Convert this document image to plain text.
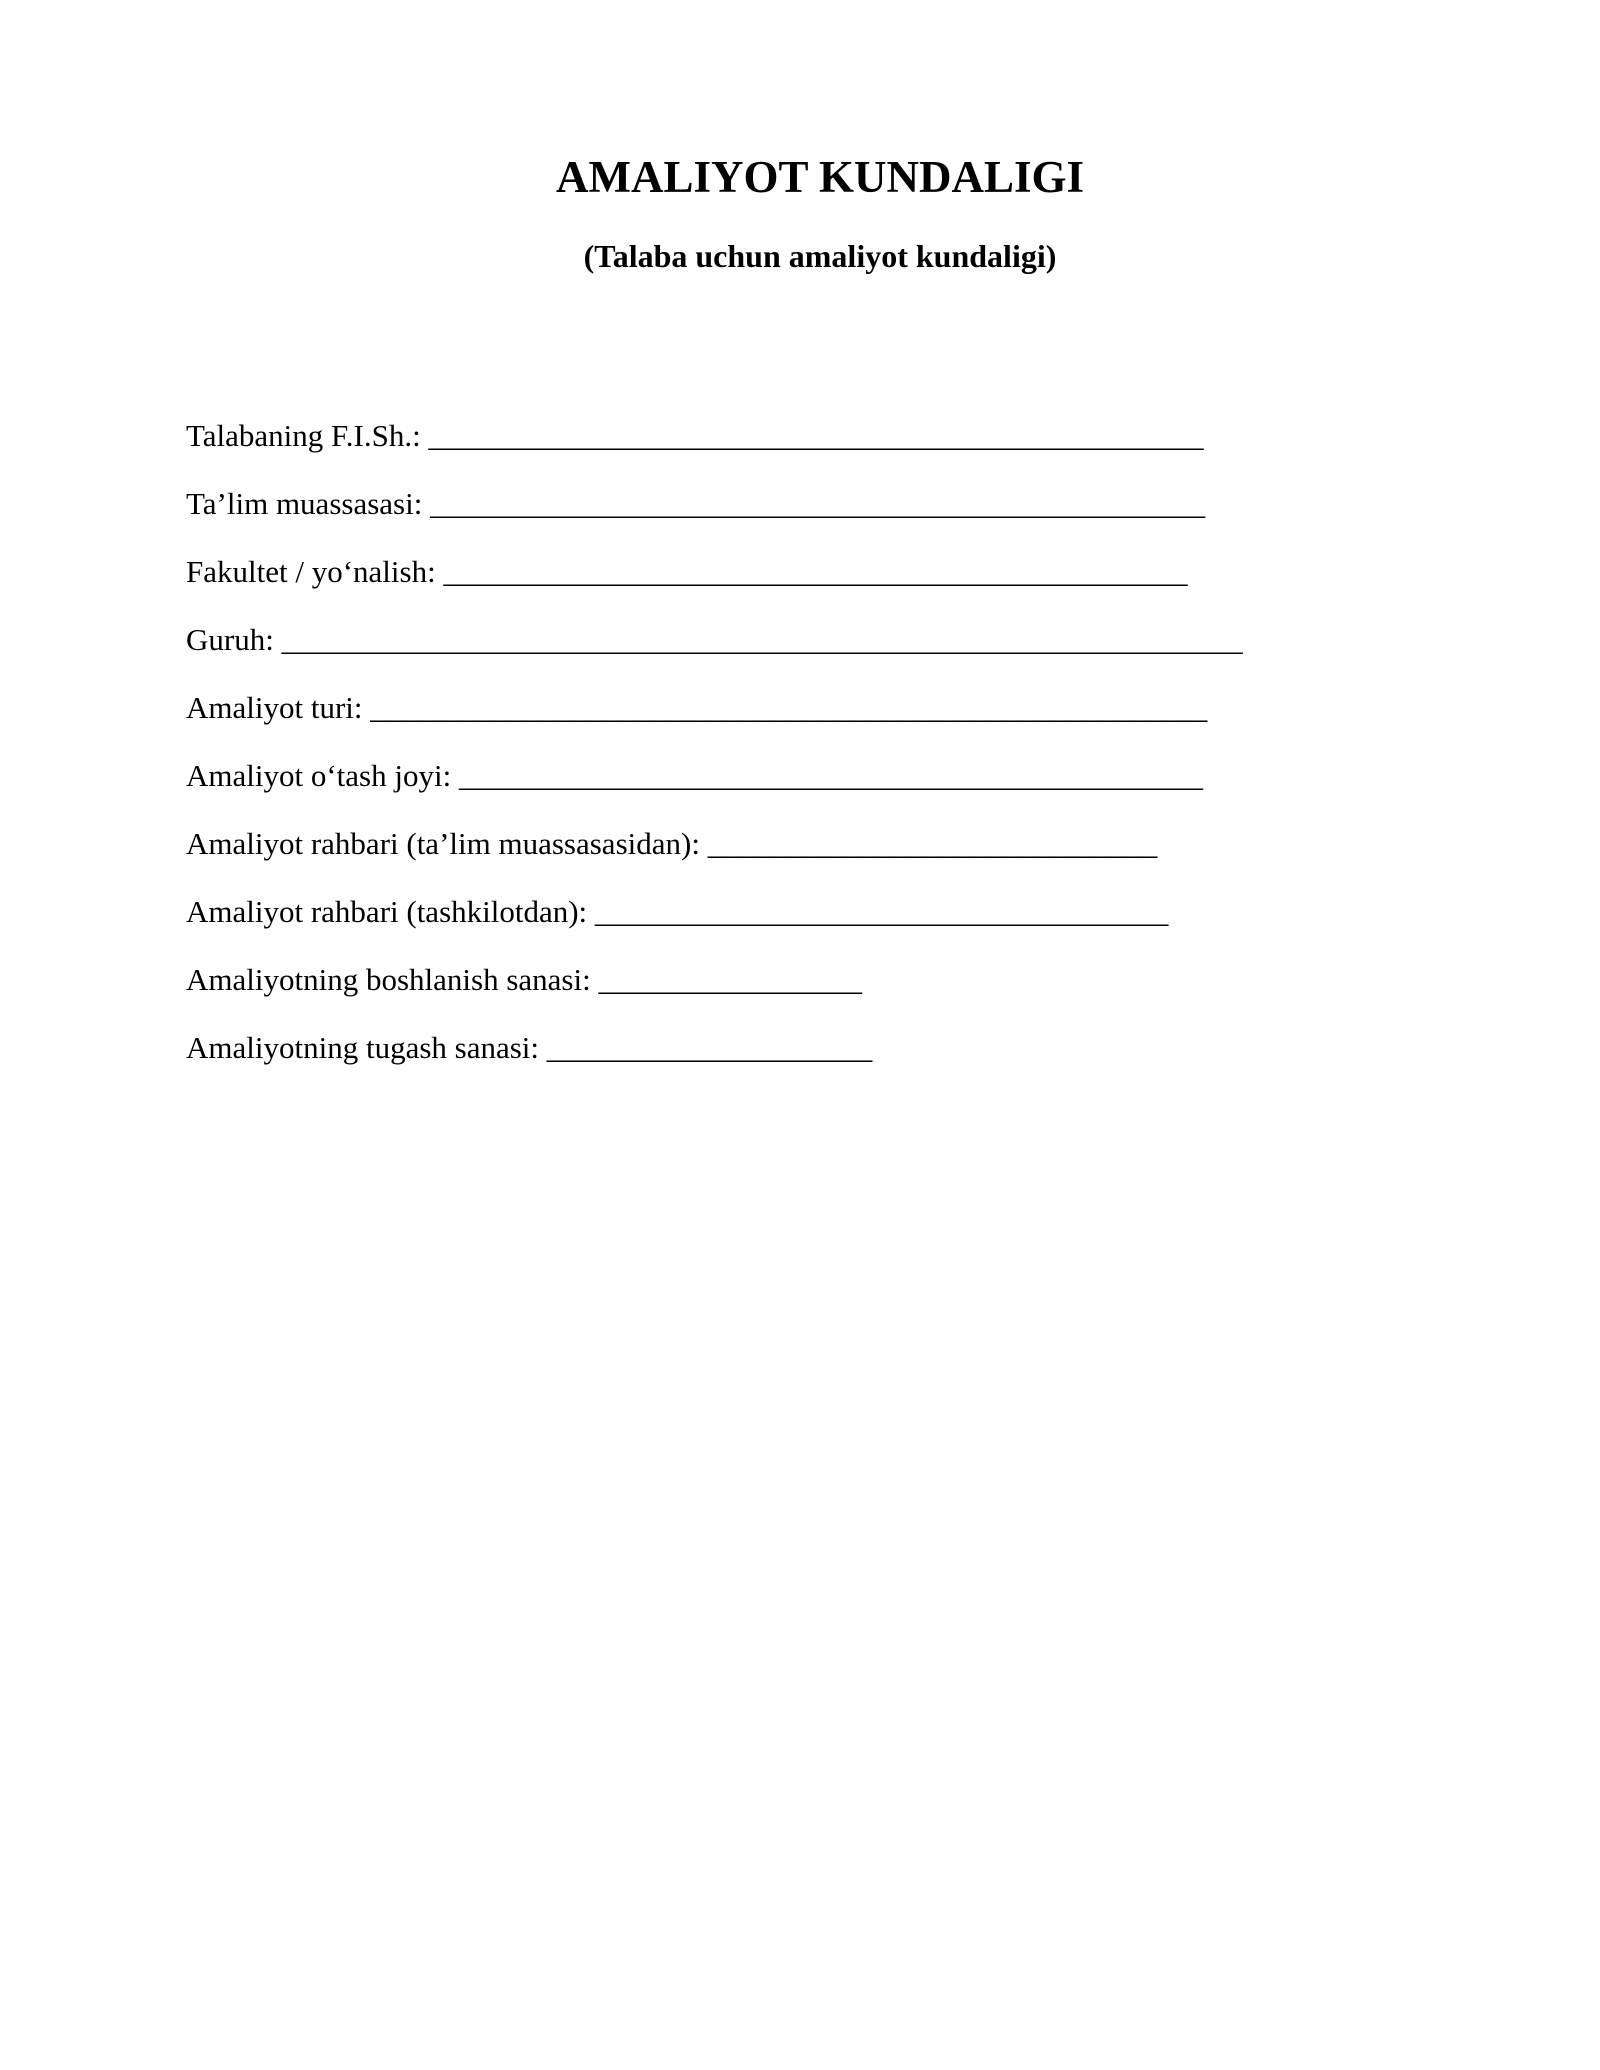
AMALIYOT KUNDALIGI
(Talaba uchun amaliyot kundaligi)
Talabaning F.I.Sh.: __________________________________________________
Ta’lim muassasasi: __________________________________________________
Fakultet / yo‘nalish: ________________________________________________
Guruh: ______________________________________________________________
Amaliyot turi: ______________________________________________________
Amaliyot o‘tash joyi: ________________________________________________
Amaliyot rahbari (ta’lim muassasasidan): _____________________________
Amaliyot rahbari (tashkilotdan): _____________________________________
Amaliyotning boshlanish sanasi: _________________
Amaliyotning tugash sanasi: _____________________
